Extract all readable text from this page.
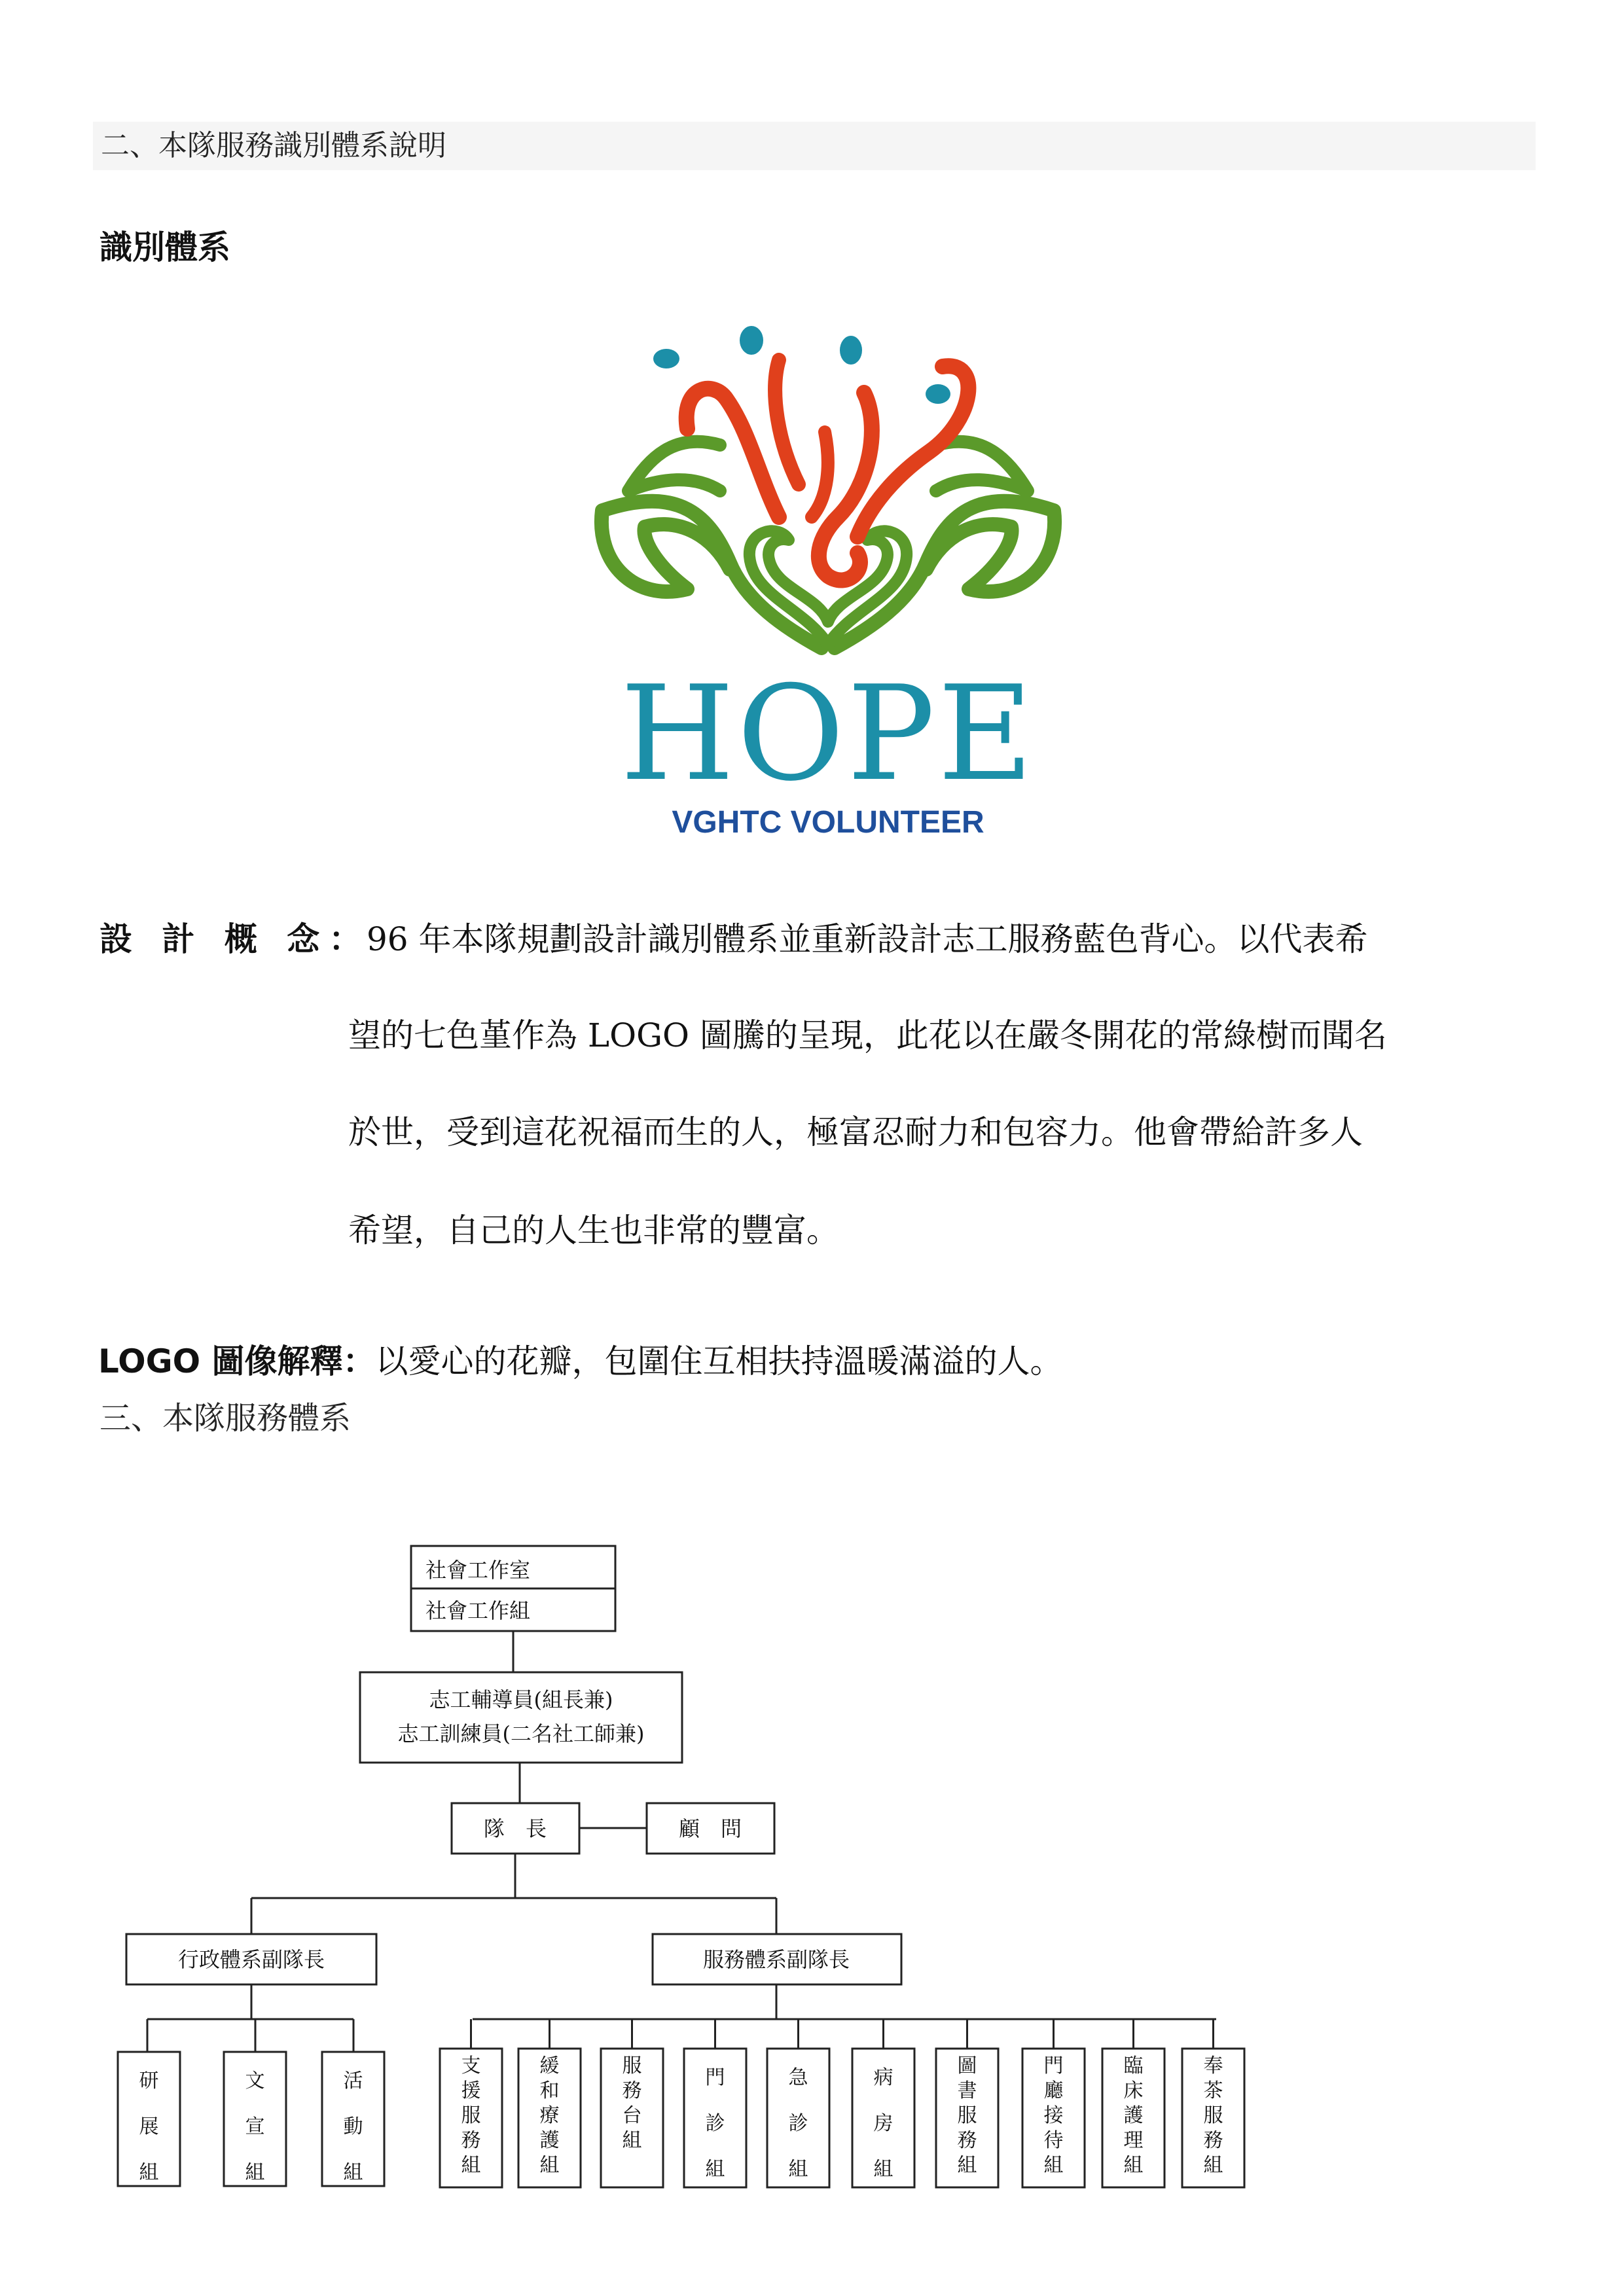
二、本隊服務識別體系說明
識別體系
HOPE
VGHTC VOLUNTEER
設 計 概 念：
96 年本隊規劃設計識別體系並重新設計志工服務藍色背心。以代表希
望的七色堇作為 LOGO 圖騰的呈現，此花以在嚴冬開花的常綠樹而聞名
於世，受到這花祝福而生的人，極富忍耐力和包容力。他會帶給許多人
希望，自己的人生也非常的豐富。
LOGO 圖像解釋：以愛心的花瓣，包圍住互相扶持溫暖滿溢的人。
三、本隊服務體系
社會工作室
社會工作組
志工輔導員(組長兼)
志工訓練員(二名社工師兼)
隊　長	顧　問
行政體系副隊長	服務體系副隊長
研
展
組
文
宣
組
活
動
組
支
援
服
務
組
緩
和
療
護
組
服
務
台
組
門
診
組
急
診
組
病
房
組
圖
書
服
務
組
門
廳
接
待
組
臨
床
護
理
組
奉
茶
服
務
組
